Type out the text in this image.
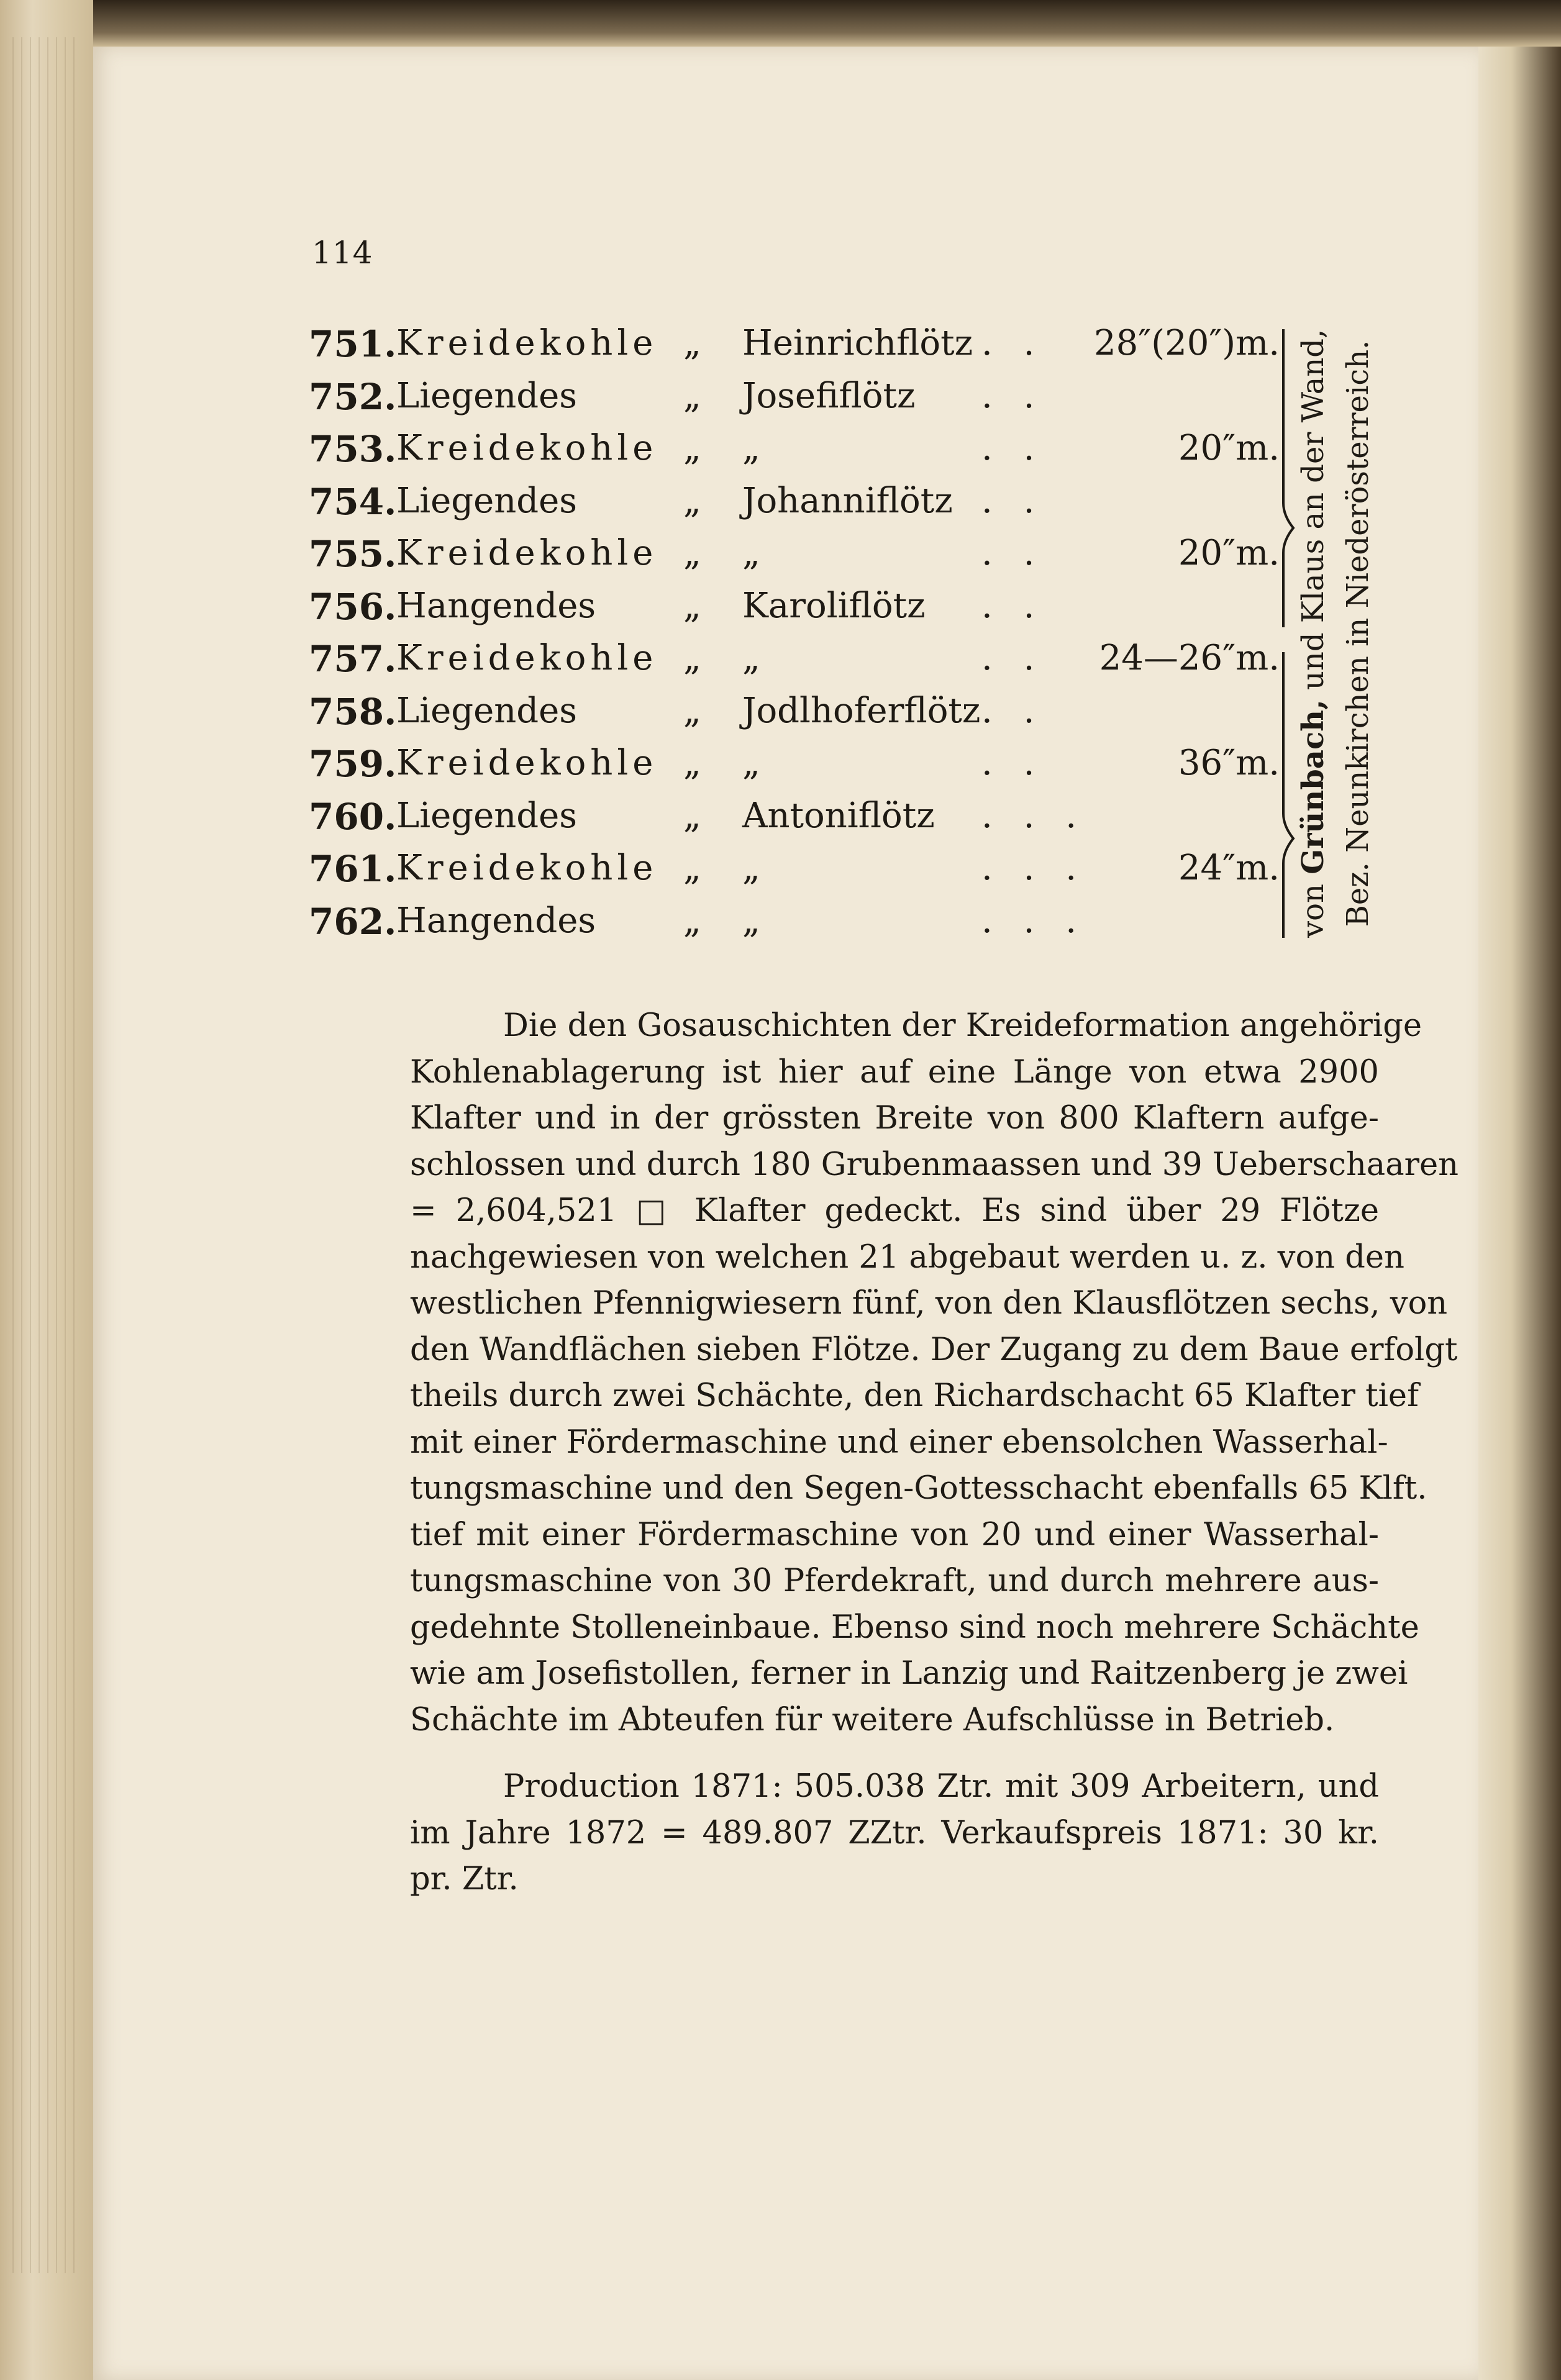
114
751. Kreidekohle „ Heinrichflötz . . 28″(20″)m.
752. Liegendes	„ Josefiflötz . .
753. Kreidekohle „ „	. .	20″m.
754. Liegendes	„ Johanniflötz . .
755. Kreidekohle „ „	. .	20″m.
756. Hangendes	„ Karoliflötz . .
757. Kreidekohle „ „	. . 24—26″m.
758. Liegendes	„ Jodlhoferflötz . .
759. Kreidekohle „ „	. .	36″m.
760. Liegendes	„ Antoniflötz . . .
761. Kreidekohle „ „	. . .	24″m.
762. Hangendes	„ „	. . .	von Grünbach, und Klaus an der Wand, Bez. Neunkirchen in Niederösterreich.
Die den Gosauschichten der Kreideformation angehörige
Kohlenablagerung ist hier auf eine Länge von etwa 2900
Klafter und in der grössten Breite von 800 Klaftern aufge-
schlossen und durch 180 Grubenmaassen und 39 Ueberschaaren
= 2,604,521 □ Klafter gedeckt. Es sind über 29 Flötze
nachgewiesen von welchen 21 abgebaut werden u. z. von den
westlichen Pfennigwiesern fünf, von den Klausflötzen sechs, von
den Wandflächen sieben Flötze. Der Zugang zu dem Baue erfolgt
theils durch zwei Schächte, den Richardschacht 65 Klafter tief
mit einer Fördermaschine und einer ebensolchen Wasserhal-
tungsmaschine und den Segen-Gottesschacht ebenfalls 65 Klft.
tief mit einer Fördermaschine von 20 und einer Wasserhal-
tungsmaschine von 30 Pferdekraft, und durch mehrere aus-
gedehnte Stolleneinbaue. Ebenso sind noch mehrere Schächte
wie am Josefistollen, ferner in Lanzig und Raitzenberg je zwei
Schächte im Abteufen für weitere Aufschlüsse in Betrieb.
Production 1871: 505.038 Ztr. mit 309 Arbeitern, und
im Jahre 1872 = 489.807 ZZtr. Verkaufspreis 1871: 30 kr.
pr. Ztr.
